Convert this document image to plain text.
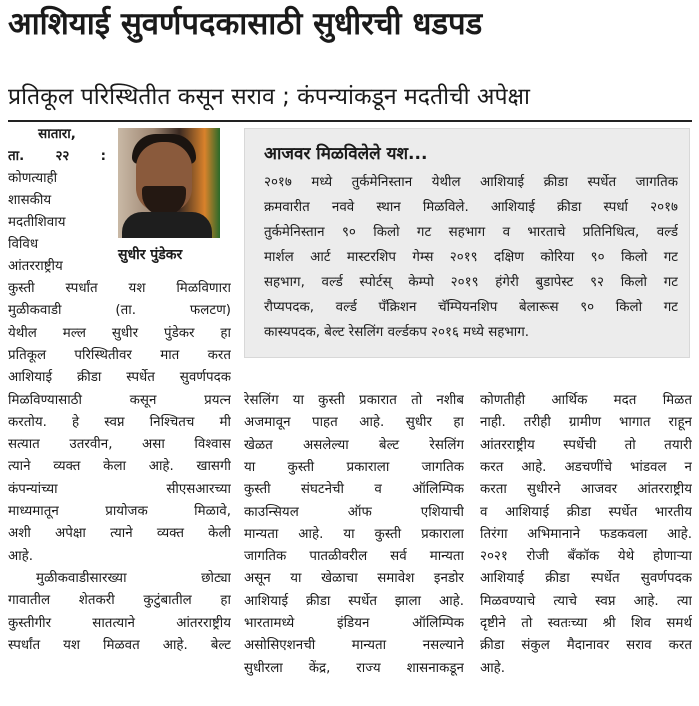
आशियाई सुवर्णपदकासाठी सुधीरची धडपड
प्रतिकूल परिस्थितीत कसून सराव ; कंपन्यांकडून मदतीची अपेक्षा
सातारा,
ता. २२ :
कोणत्याही
शासकीय
मदतीशिवाय
विविध
आंतरराष्ट्रीय
सुधीर पुंडेकर
कुस्ती स्पर्धांत यश मिळविणारा
मुळीकवाडी (ता. फलटण)
येथील मल्ल सुधीर पुंडेकर हा
प्रतिकूल परिस्थितीवर मात करत
आशियाई क्रीडा स्पर्धेत सुवर्णपदक
मिळविण्यासाठी कसून प्रयत्न
करतोय. हे स्वप्न निश्चितच मी
सत्यात उतरवीन, असा विश्वास
त्याने व्यक्त केला आहे. खासगी
कंपन्यांच्या सीएसआरच्या
माध्यमातून प्रायोजक मिळावे,
अशी अपेक्षा त्याने व्यक्त केली
आहे.
मुळीकवाडीसारख्या छोट्या
गावातील शेतकरी कुटुंबातील हा
कुस्तीगीर सातत्याने आंतरराष्ट्रीय
स्पर्धांत यश मिळवत आहे. बेल्ट
आजवर मिळविलेले यश...
२०१७ मध्ये तुर्कमेनिस्तान येथील आशियाई क्रीडा स्पर्धेत जागतिक
क्रमवारीत नववे स्थान मिळविले. आशियाई क्रीडा स्पर्धा २०१७
तुर्कमेनिस्तान ९० किलो गट सहभाग व भारताचे प्रतिनिधित्व, वर्ल्ड
मार्शल आर्ट मास्टरशिप गेम्स २०१९ दक्षिण कोरिया ९० किलो गट
सहभाग, वर्ल्ड स्पोर्टस् केम्पो २०१९ हंगेरी बुडापेस्ट ९२ किलो गट
रौप्यपदक, वर्ल्ड पॅंक्रिशन चॅम्पियनशिप बेलारूस ९० किलो गट
कास्यपदक, बेल्ट रेसलिंग वर्ल्डकप २०१६ मध्ये सहभाग.
रेसलिंग या कुस्ती प्रकारात तो नशीब
अजमावून पाहत आहे. सुधीर हा
खेळत असलेल्या बेल्ट रेसलिंग
या कुस्ती प्रकाराला जागतिक
कुस्ती संघटनेची व ऑलिम्पिक
काउन्सियल ऑफ एशियाची
मान्यता आहे. या कुस्ती प्रकाराला
जागतिक पातळीवरील सर्व मान्यता
असून या खेळाचा समावेश इनडोर
आशियाई क्रीडा स्पर्धेत झाला आहे.
भारतामध्ये इंडियन ऑलिम्पिक
असोसिएशनची मान्यता नसल्याने
सुधीरला केंद्र, राज्य शासनाकडून
कोणतीही आर्थिक मदत मिळत
नाही. तरीही ग्रामीण भागात राहून
आंतरराष्ट्रीय स्पर्धेची तो तयारी
करत आहे. अडचणींचे भांडवल न
करता सुधीरने आजवर आंतरराष्ट्रीय
व आशियाई क्रीडा स्पर्धेत भारतीय
तिरंगा अभिमानाने फडकवला आहे.
२०२१ रोजी बॅंकॉक येथे होणाऱ्या
आशियाई क्रीडा स्पर्धेत सुवर्णपदक
मिळवण्याचे त्याचे स्वप्न आहे. त्या
दृष्टीने तो स्वतःच्या श्री शिव समर्थ
क्रीडा संकुल मैदानावर सराव करत
आहे.
